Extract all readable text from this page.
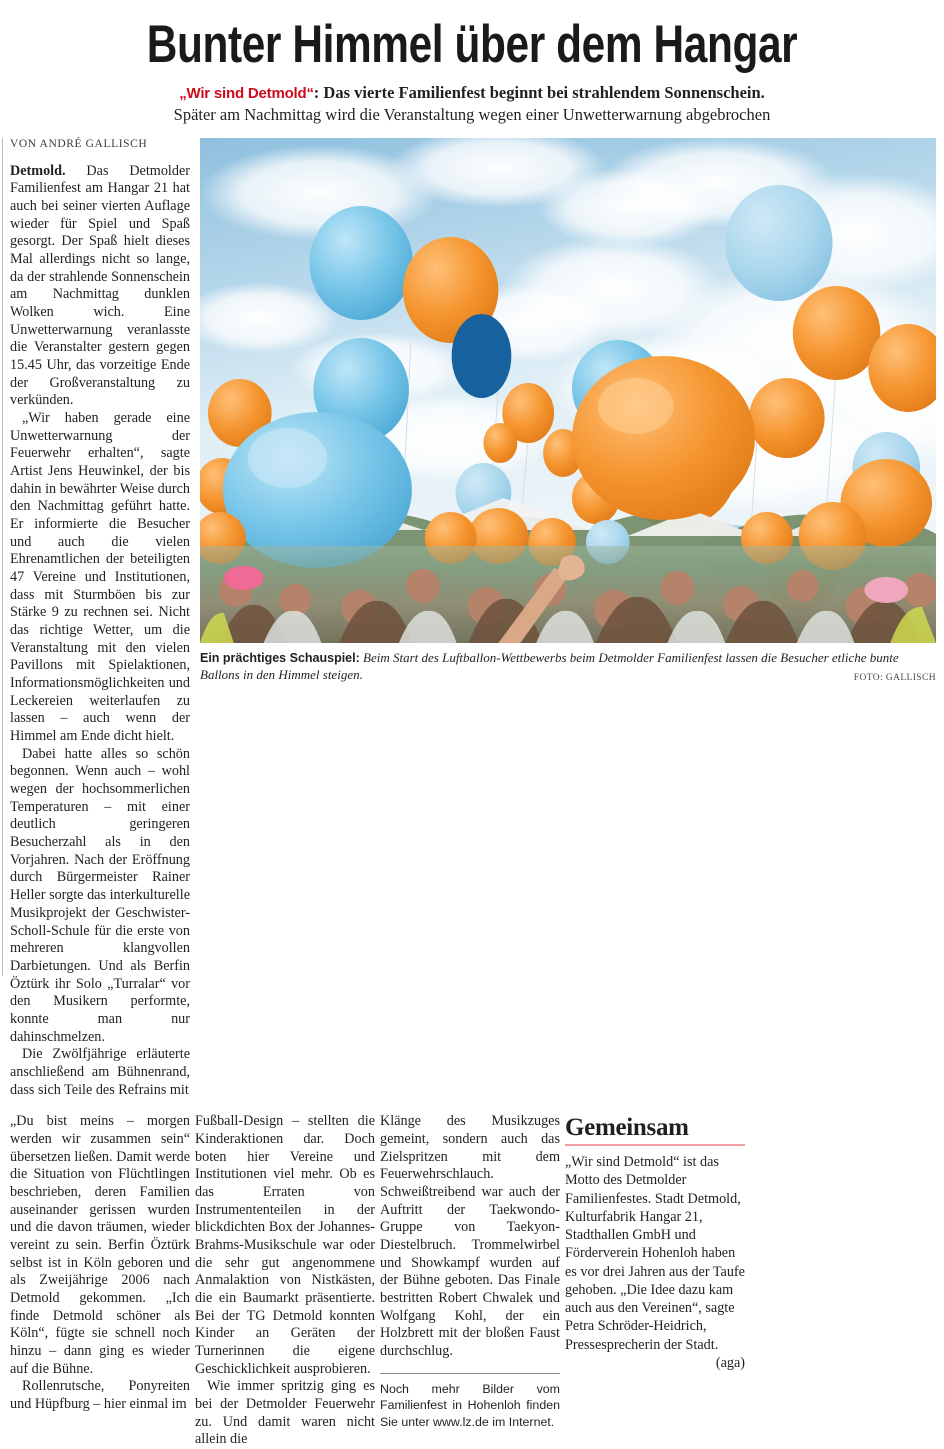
Bunter Himmel über dem Hangar
„Wir sind Detmold“: Das vierte Familienfest beginnt bei strahlendem Sonnenschein.
Später am Nachmittag wird die Veranstaltung wegen einer Unwetterwarnung abgebrochen
VON ANDRÉ GALLISCH

Detmold. Das Detmolder Familienfest am Hangar 21 hat auch bei seiner vierten Auflage wieder für Spiel und Spaß gesorgt. Der Spaß hielt dieses Mal allerdings nicht so lange, da der strahlende Sonnenschein am Nachmittag dunklen Wolken wich. Eine Unwetterwarnung veranlasste die Veranstalter gestern gegen 15.45 Uhr, das vorzeitige Ende der Großveranstaltung zu verkünden.

„Wir haben gerade eine Unwetterwarnung der Feuerwehr erhalten“, sagte Artist Jens Heuwinkel, der bis dahin in bewährter Weise durch den Nachmittag geführt hatte. Er informierte die Besucher und auch die vielen Ehrenamtlichen der beteiligten 47 Vereine und Institutionen, dass mit Sturmböen bis zur Stärke 9 zu rechnen sei. Nicht das richtige Wetter, um die Veranstaltung mit den vielen Pavillons mit Spielaktionen, Informationsmöglichkeiten und Leckereien weiterlaufen zu lassen – auch wenn der Himmel am Ende dicht hielt.

Dabei hatte alles so schön begonnen. Wenn auch – wohl wegen der hochsommerlichen Temperaturen – mit einer deutlich geringeren Besucherzahl als in den Vorjahren. Nach der Eröffnung durch Bürgermeister Rainer Heller sorgte das interkulturelle Musikprojekt der Geschwister-Scholl-Schule für die erste von mehreren klangvollen Darbietungen. Und als Berfin Öztürk ihr Solo „Turralar“ vor den Musikern performte, konnte man nur dahinschmelzen.

Die Zwölfjährige erläuterte anschließend am Bühnenrand, dass sich Teile des Refrains mit

Ein prächtiges Schauspiel: Beim Start des Luftballon-Wettbewerbs beim Detmolder Familienfest lassen die Besucher etliche bunte Ballons in den Himmel steigen.	FOTO: GALLISCH

„Du bist meins – morgen werden wir zusammen sein“ übersetzen ließen. Damit werde die Situation von Flüchtlingen beschrieben, deren Familien auseinander gerissen wurden und die davon träumen, wieder vereint zu sein. Berfin Öztürk selbst ist in Köln geboren und als Zweijährige 2006 nach Detmold gekommen. „Ich finde Detmold schöner als Köln“, fügte sie schnell noch hinzu – dann ging es wieder auf die Bühne.

Rollenrutsche, Ponyreiten und Hüpfburg – hier einmal im

Fußball-Design – stellten die Kinderaktionen dar. Doch boten hier Vereine und Institutionen viel mehr. Ob es das Erraten von Instrumententeilen in der blickdichten Box der Johannes-Brahms-Musikschule war oder die sehr gut angenommene Anmalaktion von Nistkästen, die ein Baumarkt präsentierte. Bei der TG Detmold konnten Kinder an Geräten der Turnerinnen die eigene Geschicklichkeit ausprobieren.

Wie immer spritzig ging es bei der Detmolder Feuerwehr zu. Und damit waren nicht allein die

Klänge des Musikzuges gemeint, sondern auch das Zielspritzen mit dem Feuerwehrschlauch. Schweißtreibend war auch der Auftritt der Taekwondo-Gruppe von Taekyon-Diestelbruch. Trommelwirbel und Showkampf wurden auf der Bühne geboten. Das Finale bestritten Robert Chwalek und Wolfgang Kohl, der ein Holzbrett mit der bloßen Faust durchschlug.

Noch mehr Bilder vom Familienfest in Hohenloh finden Sie unter www.lz.de im Internet.

Gemeinsam

„Wir sind Detmold“ ist das Motto des Detmolder Familienfestes. Stadt Detmold, Kulturfabrik Hangar 21, Stadthallen GmbH und Förderverein Hohenloh haben es vor drei Jahren aus der Taufe gehoben. „Die Idee dazu kam auch aus den Vereinen“, sagte Petra Schröder-Heidrich, Pressesprecherin der Stadt.
(aga)
